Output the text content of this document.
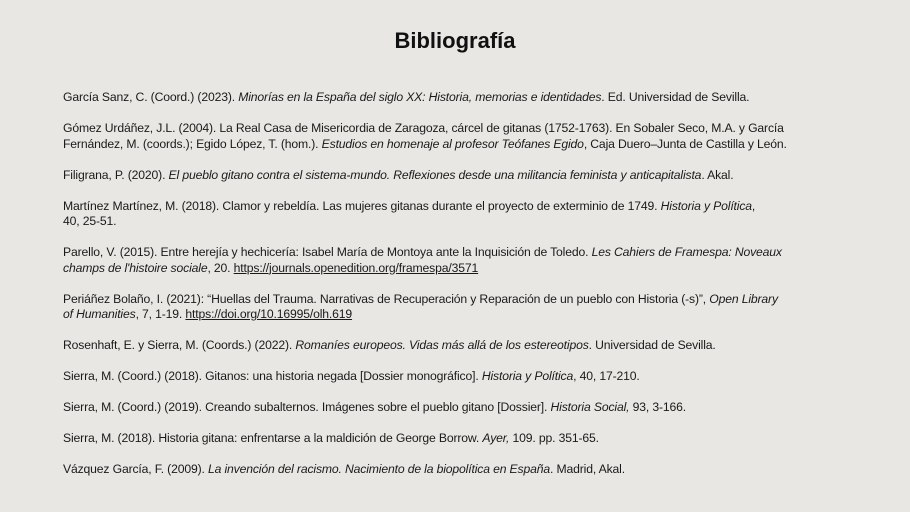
Bibliografía
García Sanz, C. (Coord.) (2023). Minorías en la España del siglo XX: Historia, memorias e identidades. Ed. Universidad de Sevilla.
Gómez Urdáñez, J.L. (2004). La Real Casa de Misericordia de Zaragoza, cárcel de gitanas (1752-1763). En Sobaler Seco, M.A. y García
Fernández, M. (coords.); Egido López, T. (hom.). Estudios en homenaje al profesor Teófanes Egido, Caja Duero–Junta de Castilla y León.
Filigrana, P. (2020). El pueblo gitano contra el sistema-mundo. Reflexiones desde una militancia feminista y anticapitalista. Akal.
Martínez Martínez, M. (2018). Clamor y rebeldía. Las mujeres gitanas durante el proyecto de exterminio de 1749. Historia y Política,
40, 25-51.
Parello, V. (2015). Entre herejía y hechicería: Isabel María de Montoya ante la Inquisición de Toledo. Les Cahiers de Framespa: Noveaux
champs de l'histoire sociale, 20. https://journals.openedition.org/framespa/3571
Periáñez Bolaño, I. (2021): “Huellas del Trauma. Narrativas de Recuperación y Reparación de un pueblo con Historia (-s)”, Open Library
of Humanities, 7, 1-19. https://doi.org/10.16995/olh.619
Rosenhaft, E. y Sierra, M. (Coords.) (2022). Romaníes europeos. Vidas más allá de los estereotipos. Universidad de Sevilla.
Sierra, M. (Coord.) (2018). Gitanos: una historia negada [Dossier monográfico]. Historia y Política, 40, 17-210.
Sierra, M. (Coord.) (2019). Creando subalternos. Imágenes sobre el pueblo gitano [Dossier]. Historia Social, 93, 3-166.
Sierra, M. (2018). Historia gitana: enfrentarse a la maldición de George Borrow. Ayer, 109. pp. 351-65.
Vázquez García, F. (2009). La invención del racismo. Nacimiento de la biopolítica en España. Madrid, Akal.
